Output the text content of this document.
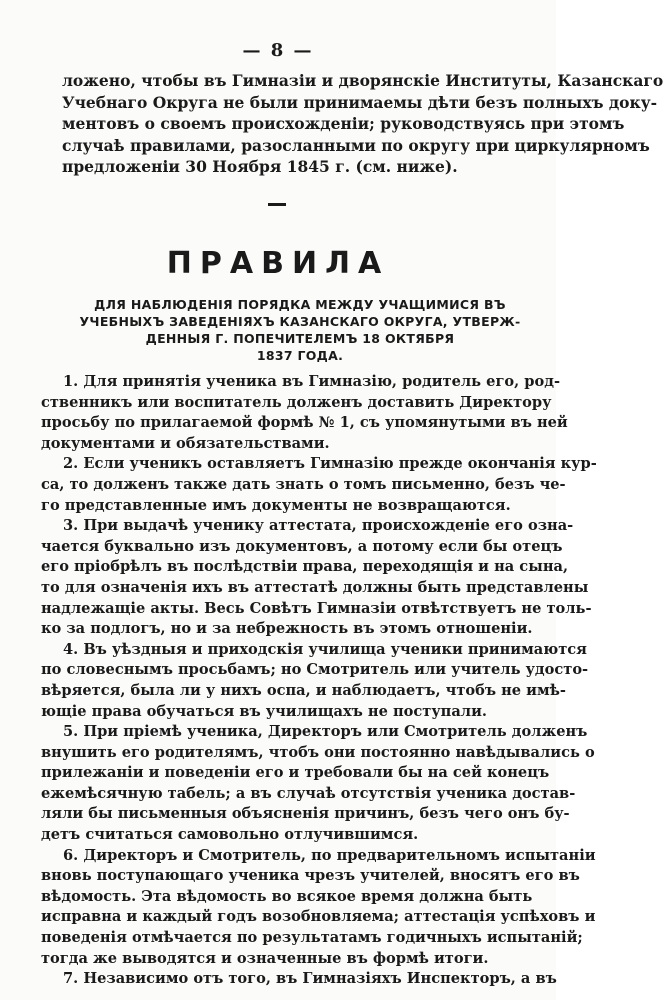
— 8 —
ложено, чтобы въ Гимназіи и дворянскіе Институты, Казанскаго
Учебнаго Округа не были принимаемы дѣти безъ полныхъ доку-
ментовъ о своемъ происхожденіи; руководствуясь при этомъ
случаѣ правилами, разосланными по округу при циркулярномъ
предложеніи 30 Ноября 1845 г. (см. ниже).
ПРАВИЛА
ДЛЯ НАБЛЮДЕНІЯ ПОРЯДКА МЕЖДУ УЧАЩИМИСЯ ВЪ
УЧЕБНЫХЪ ЗАВЕДЕНІЯХЪ КАЗАНСКАГО ОКРУГА, УТВЕРЖ-
ДЕННЫЯ Г. ПОПЕЧИТЕЛЕМЪ 18 ОКТЯБРЯ
1837 ГОДА.
1. Для принятія ученика въ Гимназію, родитель его, род-
ственникъ или воспитатель долженъ доставить Директору
просьбу по прилагаемой формѣ № 1, съ упомянутыми въ ней
документами и обязательствами.
2. Если ученикъ оставляетъ Гимназію прежде окончанія кур-
са, то долженъ также дать знать о томъ письменно, безъ че-
го представленные имъ документы не возвращаются.
3. При выдачѣ ученику аттестата, происхожденіе его озна-
чается буквально изъ документовъ, а потому если бы отецъ
его пріобрѣлъ въ послѣдствіи права, переходящія и на сына,
то для означенія ихъ въ аттестатѣ должны быть представлены
надлежащіе акты. Весь Совѣтъ Гимназіи отвѣтствуетъ не толь-
ко за подлогъ, но и за небрежность въ этомъ отношеніи.
4. Въ уѣздныя и приходскія училища ученики принимаются
по словеснымъ просьбамъ; но Смотритель или учитель удосто-
вѣряется, была ли у нихъ оспа, и наблюдаетъ, чтобъ не имѣ-
ющіе права обучаться въ училищахъ не поступали.
5. При пріемѣ ученика, Директоръ или Смотритель долженъ
внушить его родителямъ, чтобъ они постоянно навѣдывались о
прилежаніи и поведеніи его и требовали бы на сей конецъ
ежемѣсячную табель; а въ случаѣ отсутствія ученика достав-
ляли бы письменныя объясненія причинъ, безъ чего онъ бу-
детъ считаться самовольно отлучившимся.
6. Директоръ и Смотритель, по предварительномъ испытаніи
вновь поступающаго ученика чрезъ учителей, вносятъ его въ
вѣдомость. Эта вѣдомость во всякое время должна быть
исправна и каждый годъ возобновляема; аттестація успѣховъ и
поведенія отмѣчается по результатамъ годичныхъ испытаній;
тогда же выводятся и означенные въ формѣ итоги.
7. Независимо отъ того, въ Гимназіяхъ Инспекторъ, а въ
